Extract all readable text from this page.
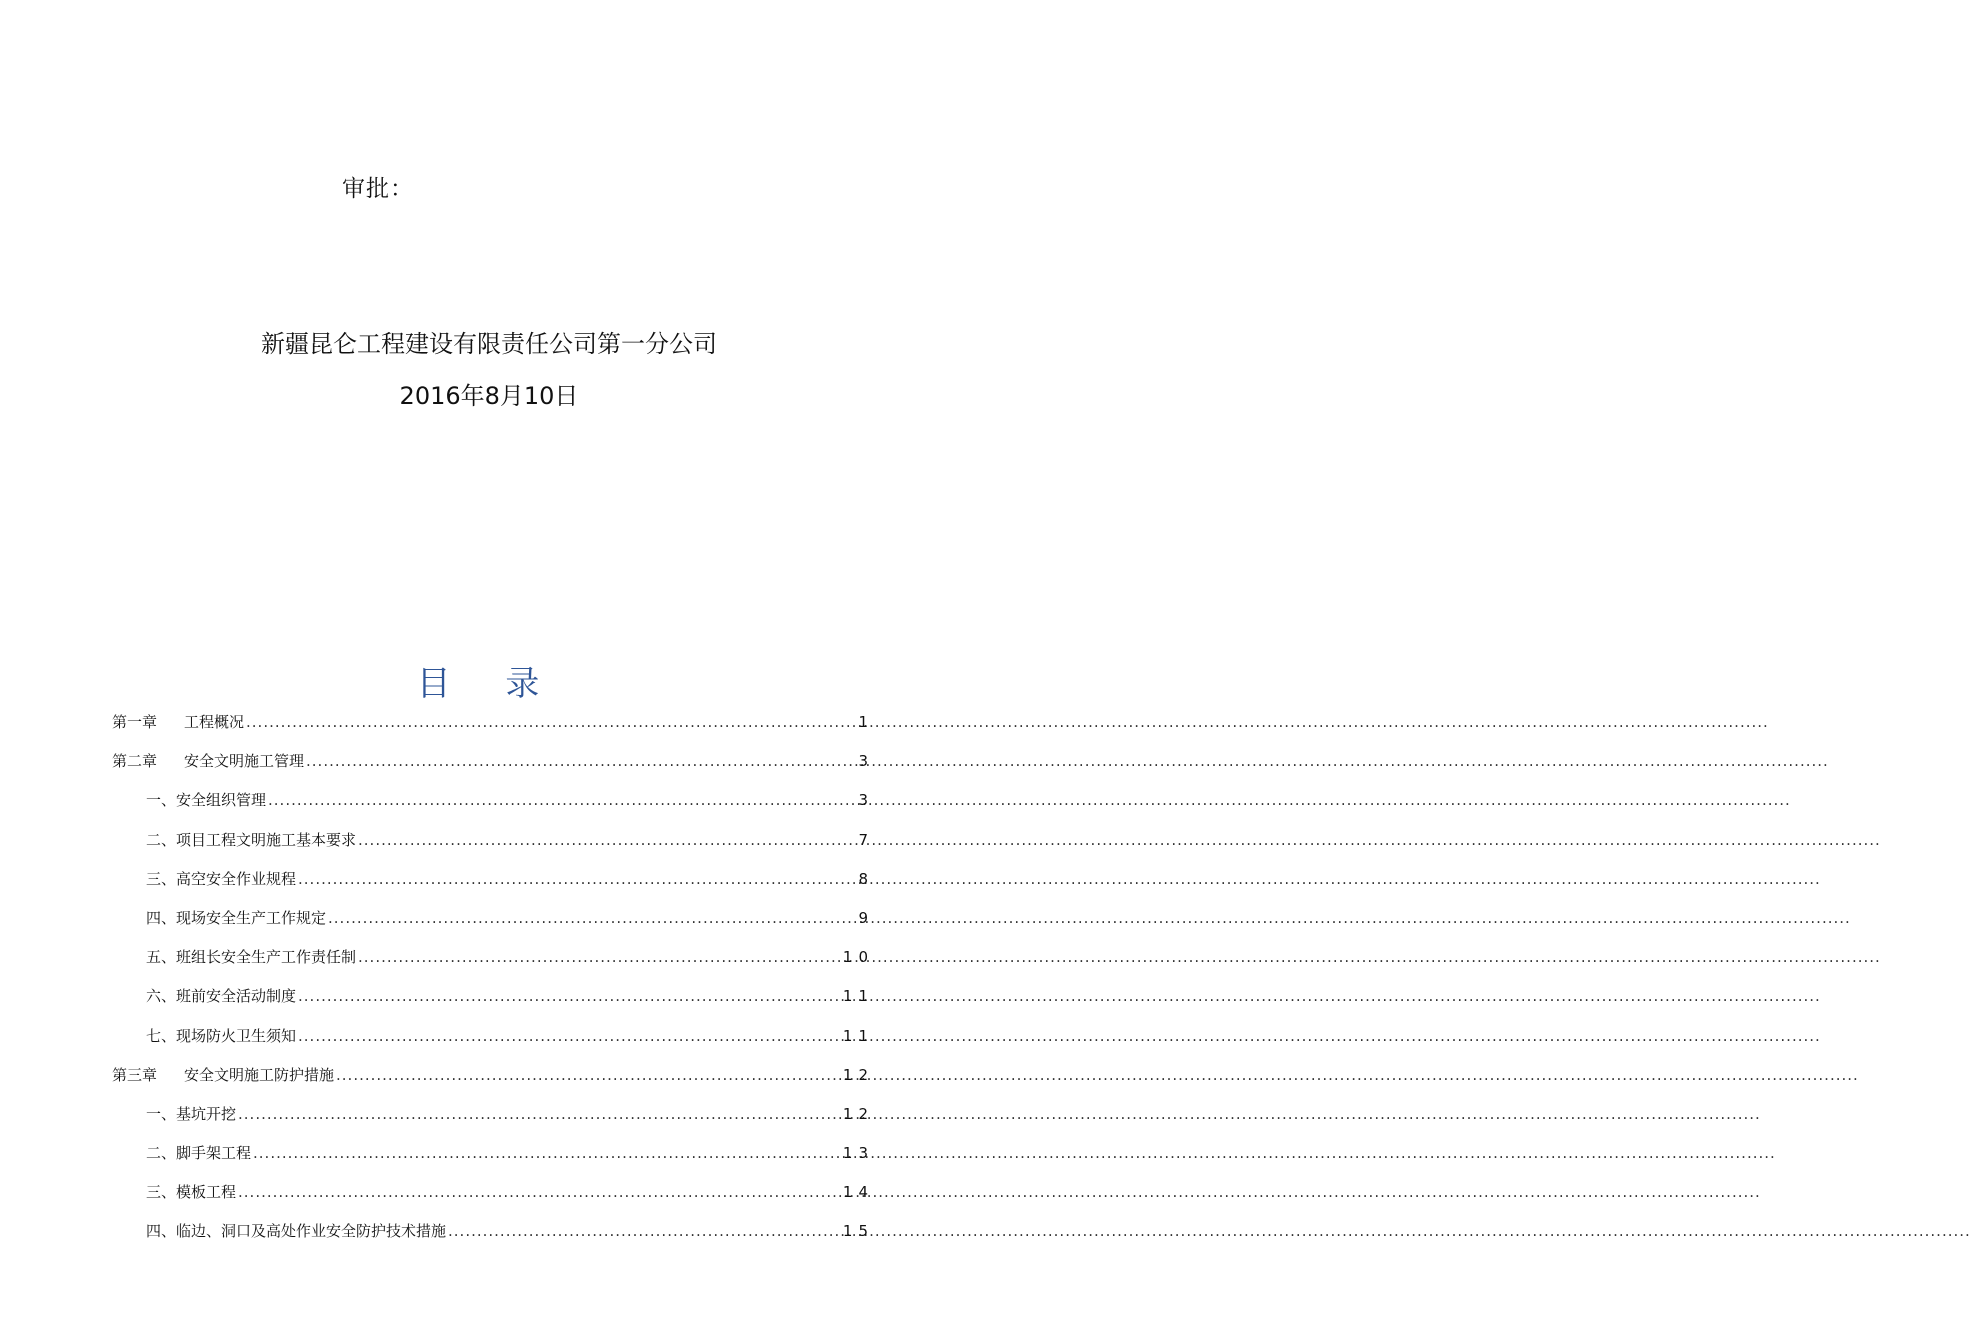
审批：
新疆昆仑工程建设有限责任公司第一分公司
2016年8月10日
目 录
第一章 工程概况 .....	1
第二章 安全文明施工管理 .....	3
一、安全组织管理 .....	3
二、项目工程文明施工基本要求 .....	7
三、高空安全作业规程 .....	8
四、现场安全生产工作规定 .....	9
五、班组长安全生产工作责任制 .....	10
六、班前安全活动制度 .....	11
七、现场防火卫生须知 .....	11
第三章 安全文明施工防护措施 .....	12
一、基坑开挖 .....	12
二、脚手架工程 .....	13
三、模板工程 .....	14
四、临边、洞口及高处作业安全防护技术措施 .....	15
